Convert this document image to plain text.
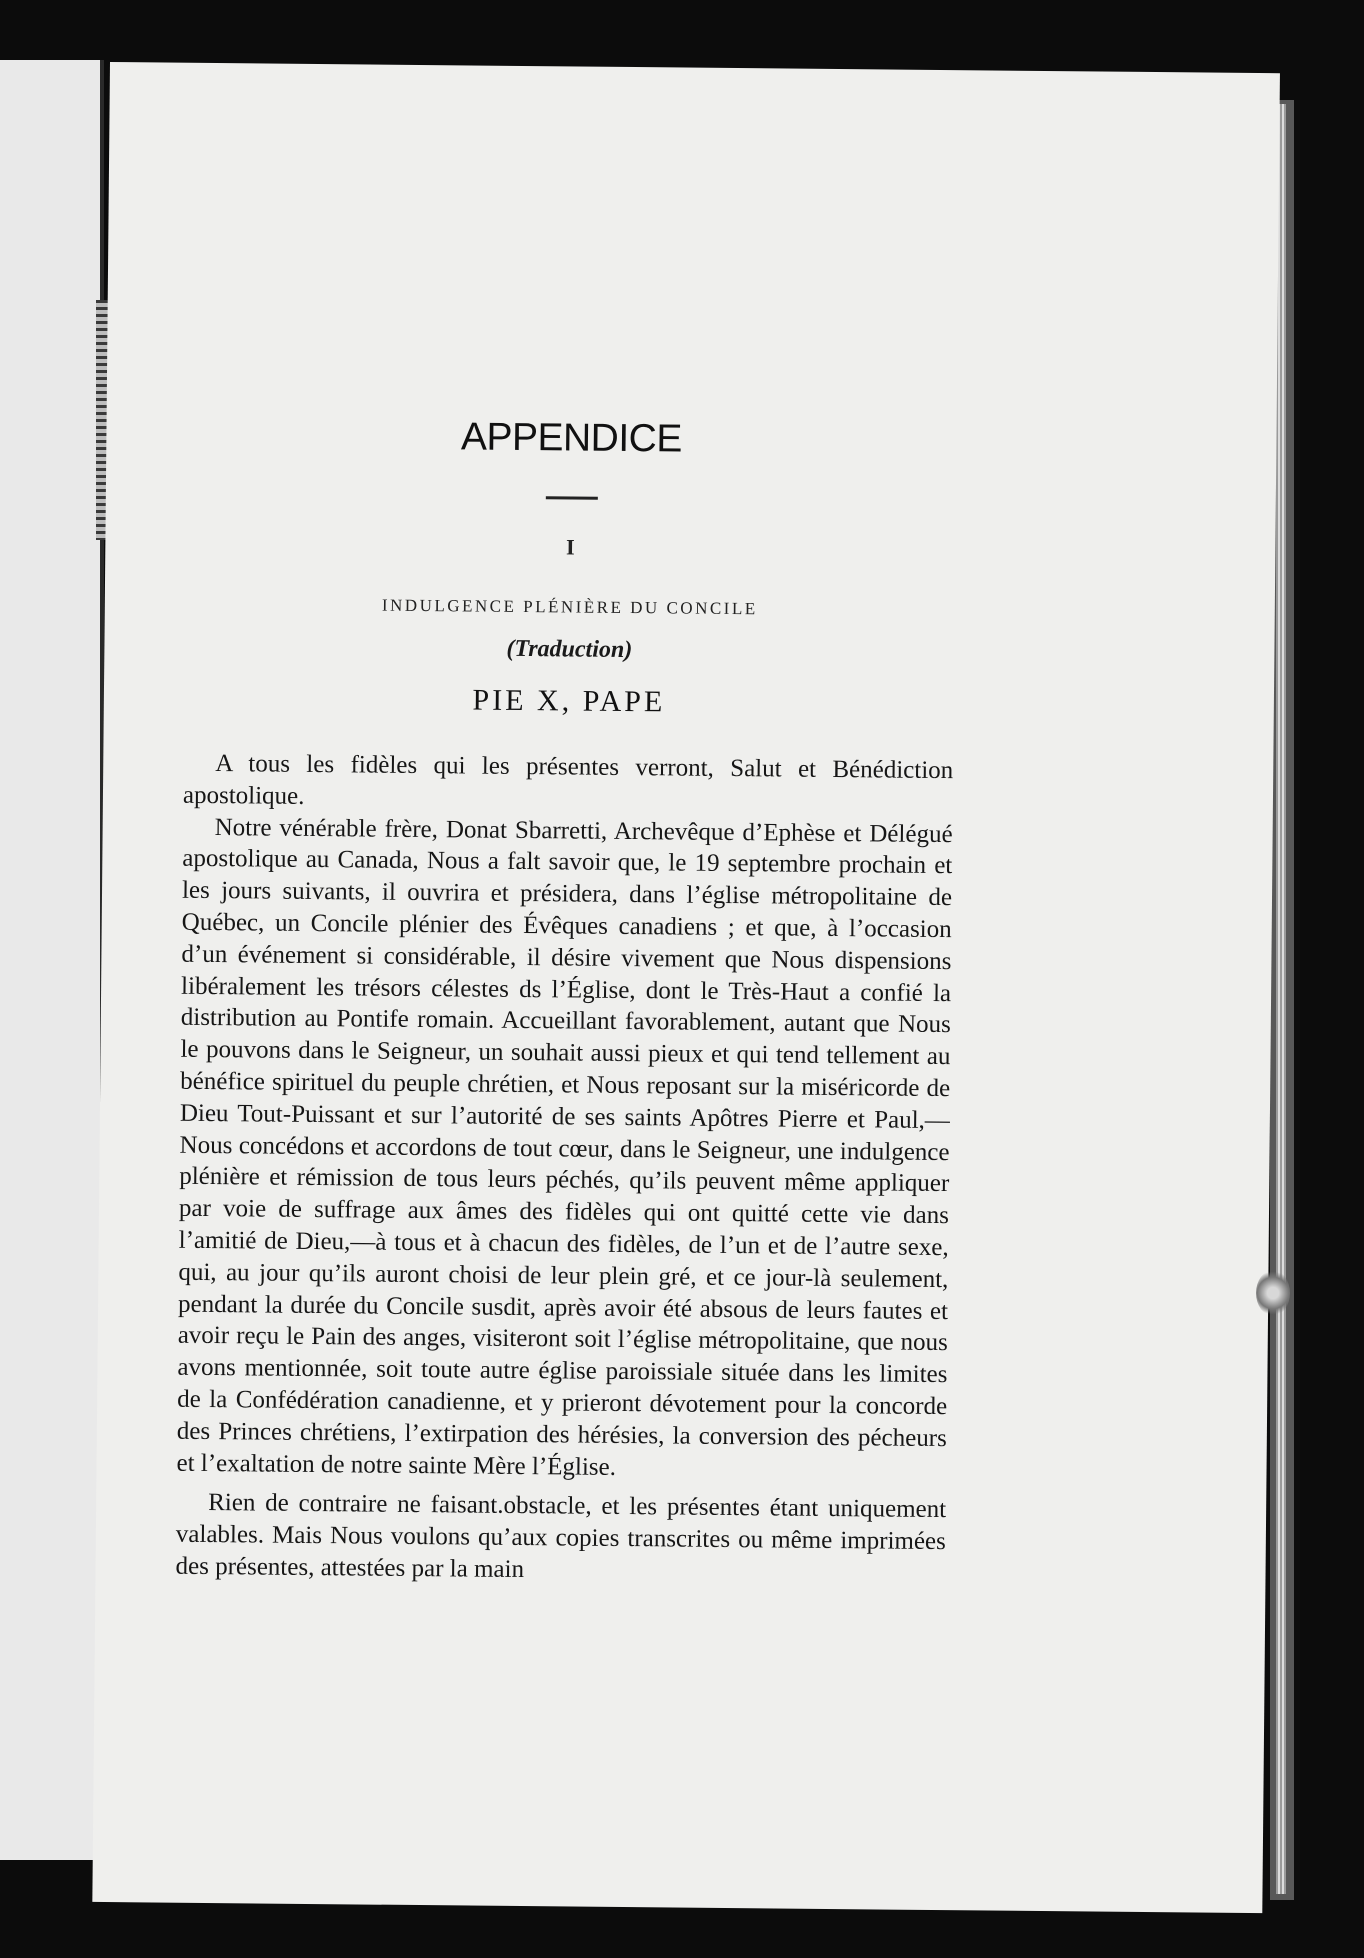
APPENDICE
I
INDULGENCE PLÉNIÈRE DU CONCILE
(Traduction)
PIE X, PAPE

A tous les fidèles qui les présentes verront, Salut et Bénédiction apostolique.

Notre vénérable frère, Donat Sbarretti, Archevêque d’Ephèse et Délégué apostolique au Canada, Nous a falt savoir que, le 19 septembre prochain et les jours suivants, il ouvrira et présidera, dans l’église métropolitaine de Québec, un Concile plénier des Évêques canadiens ; et que, à l’occasion d’un événement si considérable, il désire vivement que Nous dispensions libéralement les trésors célestes ds l’Église, dont le Très-Haut a confié la distribution au Pontife romain. Accueillant favorablement, autant que Nous le pouvons dans le Seigneur, un souhait aussi pieux et qui tend tellement au bénéfice spirituel du peuple chrétien, et Nous reposant sur la miséricorde de Dieu Tout-Puissant et sur l’autorité de ses saints Apôtres Pierre et Paul,—Nous concédons et accordons de tout cœur, dans le Seigneur, une indulgence plénière et rémission de tous leurs péchés, qu’ils peuvent même appliquer par voie de suffrage aux âmes des fidèles qui ont quitté cette vie dans l’amitié de Dieu,—à tous et à chacun des fidèles, de l’un et de l’autre sexe, qui, au jour qu’ils auront choisi de leur plein gré, et ce jour-là seulement, pendant la durée du Concile susdit, après avoir été absous de leurs fautes et avoir reçu le Pain des anges, visiteront soit l’église métropolitaine, que nous avons mentionnée, soit toute autre église paroissiale située dans les limites de la Confédération canadienne, et y prieront dévotement pour la concorde des Princes chrétiens, l’extirpation des hérésies, la conversion des pécheurs et l’exaltation de notre sainte Mère l’Église.

Rien de contraire ne faisant.obstacle, et les présentes étant uniquement valables. Mais Nous voulons qu’aux copies transcrites ou même imprimées des présentes, attestées par la main
